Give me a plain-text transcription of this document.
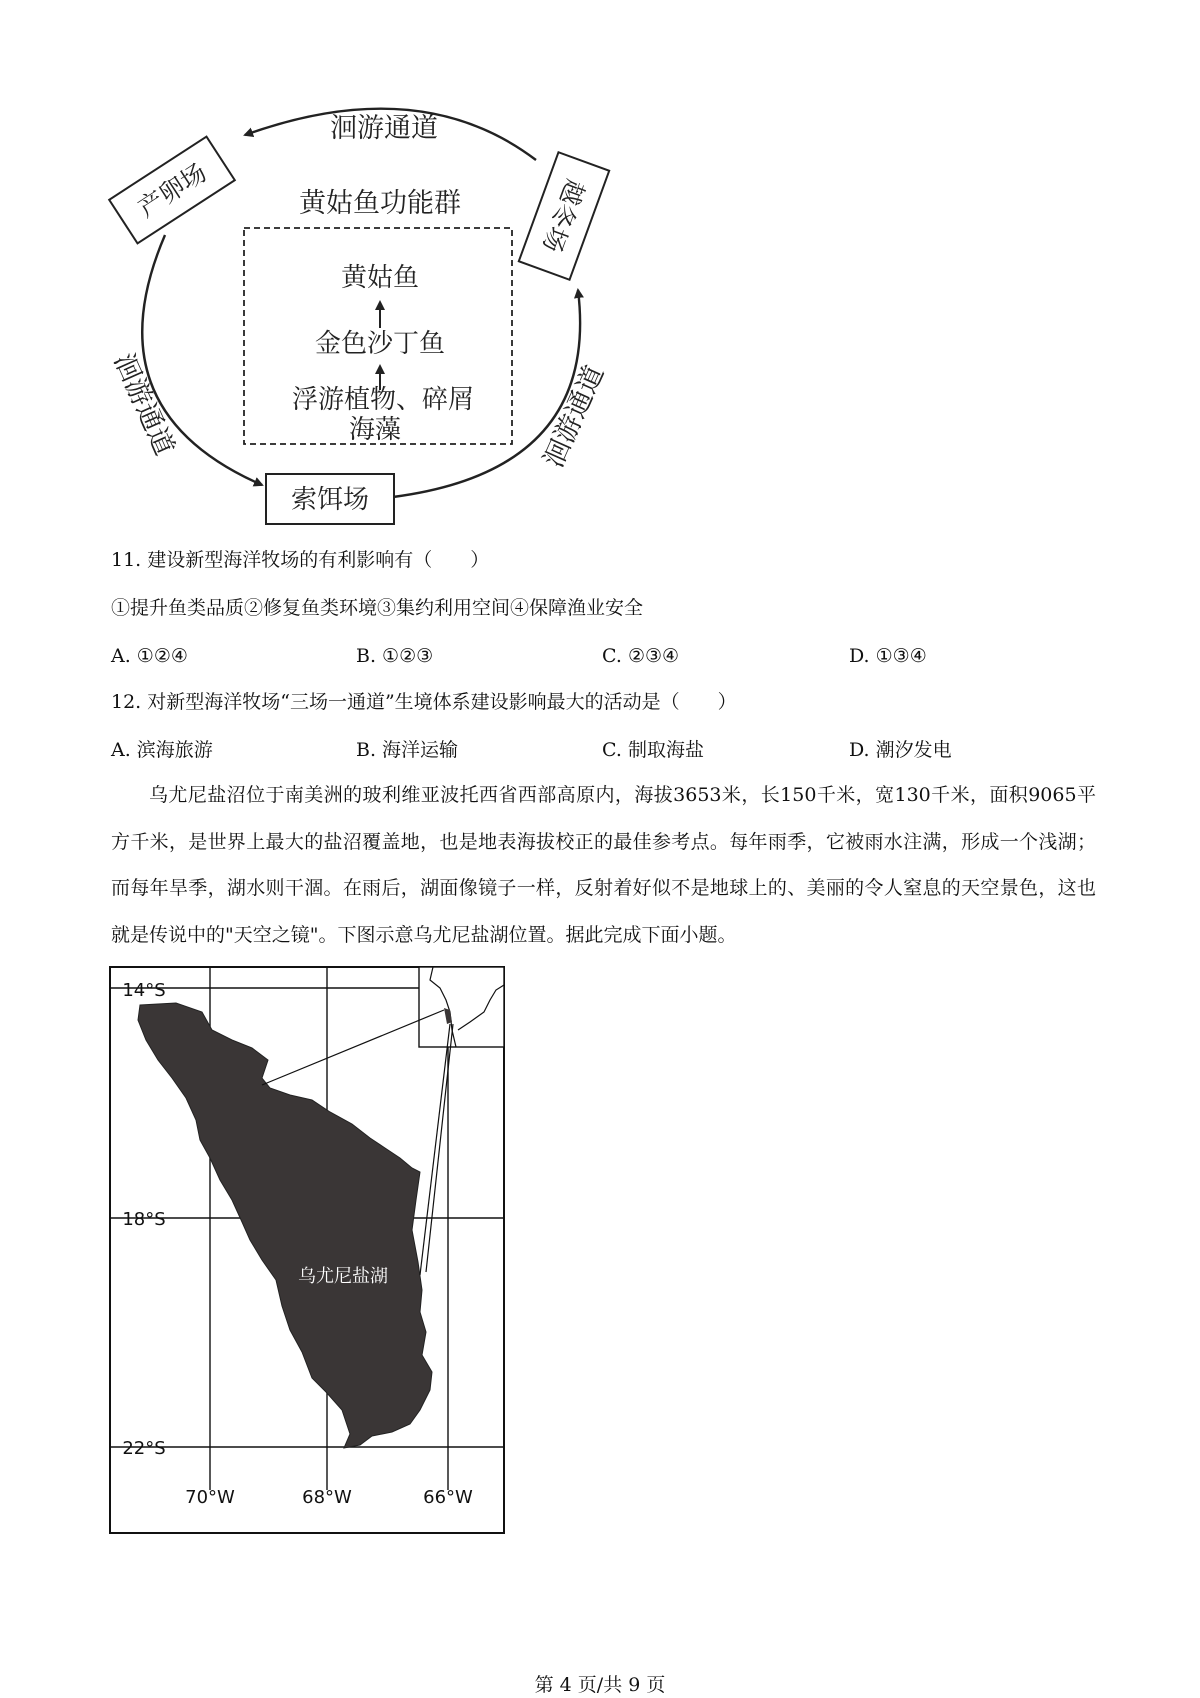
洄游通道
洄游通道	洄游通道
产卵场	越冬场
索饵场
黄姑鱼功能群
黄姑鱼
金色沙丁鱼
浮游植物、碎屑
海藻
11. 建设新型海洋牧场的有利影响有（　　）
①提升鱼类品质②修复鱼类环境③集约利用空间④保障渔业安全
A. ①②④	B. ①②③	C. ②③④	D. ①③④
12. 对新型海洋牧场“三场一通道”生境体系建设影响最大的活动是（　　）
A. 滨海旅游	B. 海洋运输	C. 制取海盐	D. 潮汐发电
乌尤尼盐沼位于南美洲的玻利维亚波托西省西部高原内，海拔3653米，长150千米，宽130千米，面积9065平方千米，是世界上最大的盐沼覆盖地，也是地表海拔校正的最佳参考点。每年雨季，它被雨水注满，形成一个浅湖；而每年旱季，湖水则干涸。在雨后，湖面像镜子一样，反射着好似不是地球上的、美丽的令人窒息的天空景色，这也就是传说中的"天空之镜"。下图示意乌尤尼盐湖位置。据此完成下面小题。
14°S
18°S
22°S
70°W	68°W	66°W
乌尤尼盐湖
第 4 页/共 9 页
